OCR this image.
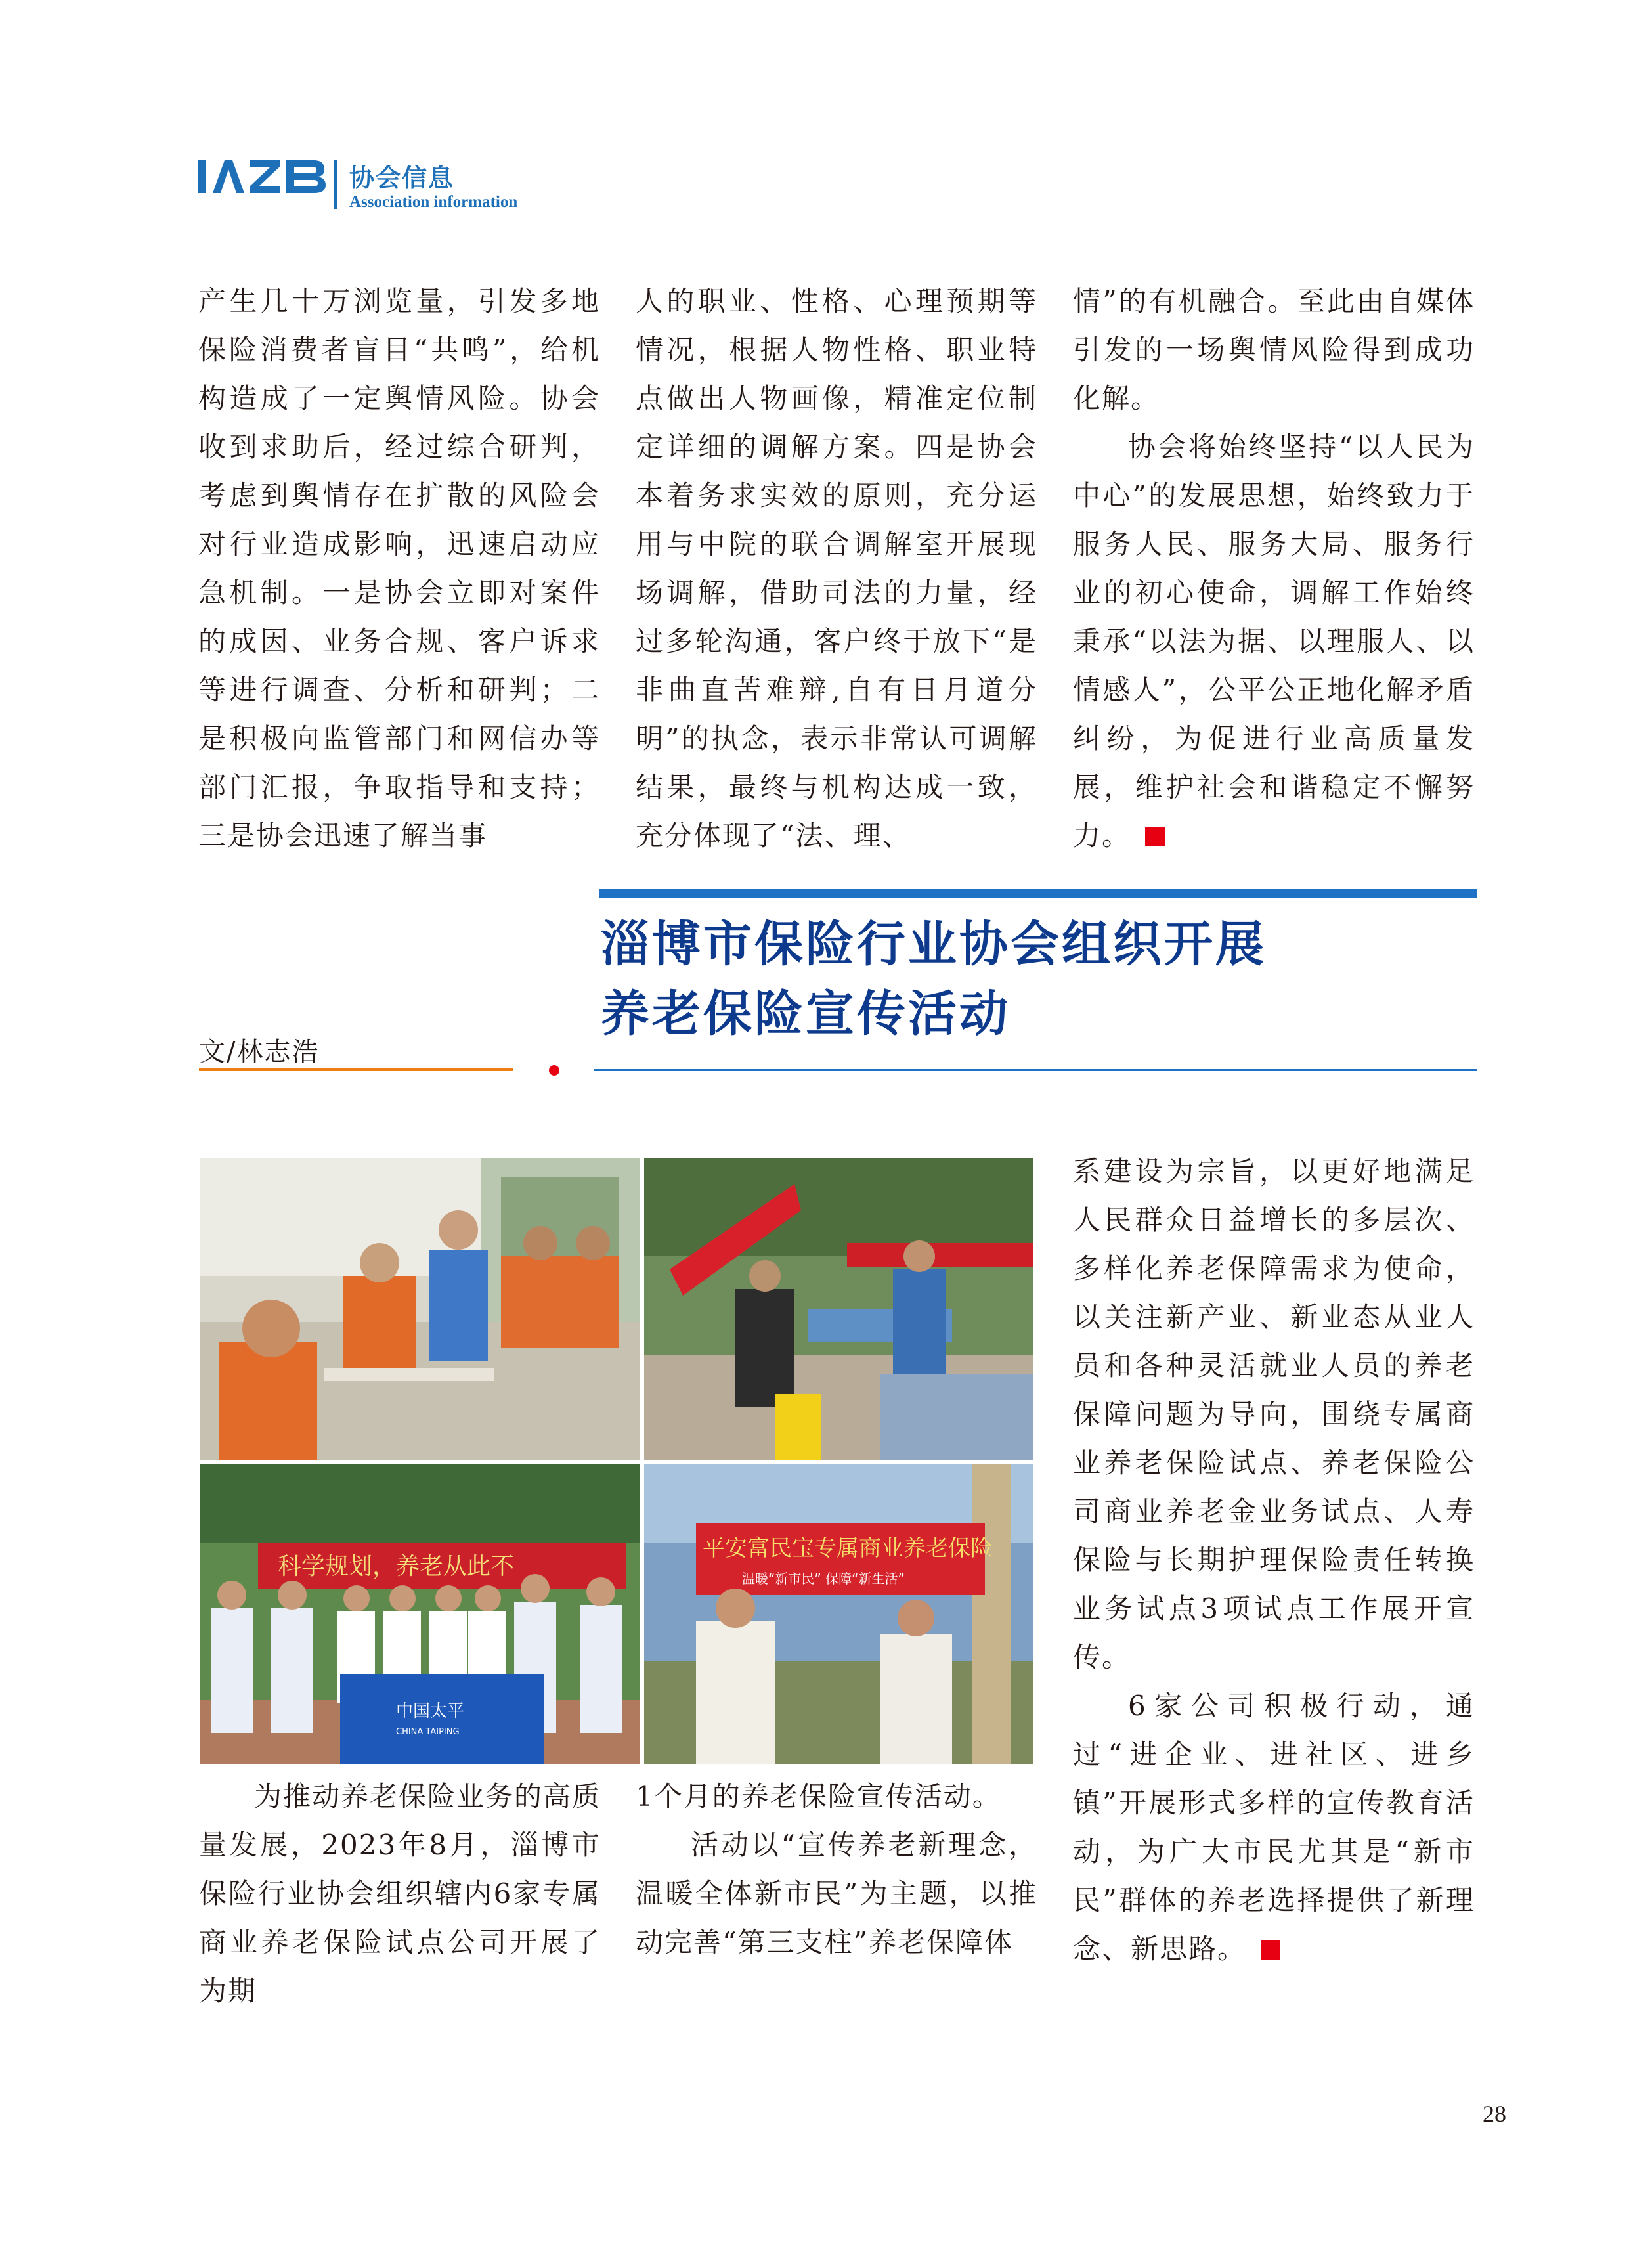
协会信息
Association information

产生几十万浏览量，引发多地保险消费者盲目“共鸣”，给机构造成了一定舆情风险。协会收到求助后，经过综合研判，考虑到舆情存在扩散的风险会对行业造成影响，迅速启动应急机制。一是协会立即对案件的成因、业务合规、客户诉求等进行调查、分析和研判；二是积极向监管部门和网信办等部门汇报，争取指导和支持；三是协会迅速了解当事

人的职业、性格、心理预期等情况，根据人物性格、职业特点做出人物画像，精准定位制定详细的调解方案。四是协会本着务求实效的原则，充分运用与中院的联合调解室开展现场调解，借助司法的力量，经过多轮沟通，客户终于放下“是非曲直苦难辩,自有日月道分明”的执念，表示非常认可调解结果，最终与机构达成一致，充分体现了“法、理、

情”的有机融合。至此由自媒体引发的一场舆情风险得到成功化解。

协会将始终坚持“以人民为中心”的发展思想，始终致力于服务人民、服务大局、服务行业的初心使命，调解工作始终秉承“以法为据、以理服人、以情感人”，公平公正地化解矛盾纠纷，为促进行业高质量发展，维护社会和谐稳定不懈努力。

淄博市保险行业协会组织开展
养老保险宣传活动
文/林志浩
科学规划，养老从此不
中国太平
CHINA TAIPING
平安富民宝专属商业养老保险
温暖“新市民” 保障“新生活”

为推动养老保险业务的高质量发展，2023年8月，淄博市保险行业协会组织辖内6家专属商业养老保险试点公司开展了为期

1个月的养老保险宣传活动。

活动以“宣传养老新理念，温暖全体新市民”为主题，以推动完善“第三支柱”养老保障体

系建设为宗旨，以更好地满足人民群众日益增长的多层次、多样化养老保障需求为使命，以关注新产业、新业态从业人员和各种灵活就业人员的养老保障问题为导向，围绕专属商业养老保险试点、养老保险公司商业养老金业务试点、人寿保险与长期护理保险责任转换业务试点3项试点工作展开宣传。

6家公司积极行动，通过“进企业、进社区、进乡镇”开展形式多样的宣传教育活动，为广大市民尤其是“新市民”群体的养老选择提供了新理念、新思路。

28
